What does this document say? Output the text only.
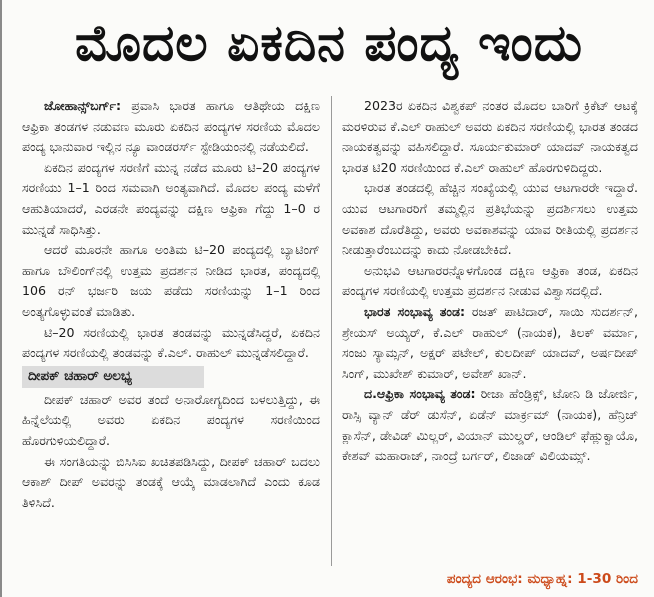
ಮೊದಲ ಏಕದಿನ ಪಂದ್ಯ ಇಂದು

ಜೋಹಾನ್ಸ್‌ಬರ್ಗ್‌: ಪ್ರವಾಸಿ ಭಾರತ ಹಾಗೂ ಆತಿಥೇಯ ದಕ್ಷಿಣ ಆಫ್ರಿಕಾ ತಂಡಗಳ ನಡುವಣ ಮೂರು ಏಕದಿನ ಪಂದ್ಯಗಳ ಸರಣಿಯ ಮೊದಲ ಪಂದ್ಯ ಭಾನುವಾರ ಇಲ್ಲಿನ ನ್ಯೂ ವಾಂಡರರ್ಸ್ ಸ್ಟೇಡಿಯಂನಲ್ಲಿ ನಡೆಯಲಿದೆ.

ಏಕದಿನ ಪಂದ್ಯಗಳ ಸರಣಿಗೆ ಮುನ್ನ ನಡೆದ ಮೂರು ಟಿ–20 ಪಂದ್ಯಗಳ ಸರಣಿಯು 1–1 ರಿಂದ ಸಮವಾಗಿ ಅಂತ್ಯವಾಗಿದೆ. ಮೊದಲ ಪಂದ್ಯ ಮಳೆಗೆ ಆಹುತಿಯಾದರೆ, ಎರಡನೇ ಪಂದ್ಯವನ್ನು ದಕ್ಷಿಣ ಆಫ್ರಿಕಾ ಗೆದ್ದು 1–0 ರ ಮುನ್ನಡೆ ಸಾಧಿಸಿತ್ತು.

ಆದರೆ ಮೂರನೇ ಹಾಗೂ ಅಂತಿಮ ಟಿ–20 ಪಂದ್ಯದಲ್ಲಿ ಬ್ಯಾಟಿಂಗ್ ಹಾಗೂ ಬೌಲಿಂಗ್‌ನಲ್ಲಿ ಉತ್ತಮ ಪ್ರದರ್ಶನ ನೀಡಿದ ಭಾರತ, ಪಂದ್ಯದಲ್ಲಿ 106 ರನ್ ಭರ್ಜರಿ ಜಯ ಪಡೆದು ಸರಣಿಯನ್ನು 1–1 ರಿಂದ ಅಂತ್ಯಗೊಳ್ಳುವಂತೆ ಮಾಡಿತು.

ಟಿ–20 ಸರಣಿಯಲ್ಲಿ ಭಾರತ ತಂಡವನ್ನು ಮುನ್ನಡೆಸಿದ್ದರೆ, ಏಕದಿನ ಪಂದ್ಯಗಳ ಸರಣಿಯಲ್ಲಿ ತಂಡವನ್ನು ಕೆ.ಎಲ್. ರಾಹುಲ್ ಮುನ್ನಡೆಸಲಿದ್ದಾರೆ.

ದೀಪಕ್ ಚಹಾರ್ ಅಲಭ್ಯ

ದೀಪಕ್ ಚಹಾರ್ ಅವರ ತಂದೆ ಅನಾರೋಗ್ಯದಿಂದ ಬಳಲುತ್ತಿದ್ದು, ಈ ಹಿನ್ನೆಲೆಯಲ್ಲಿ ಅವರು ಏಕದಿನ ಪಂದ್ಯಗಳ ಸರಣಿಯಿಂದ ಹೊರಗುಳಿಯಲಿದ್ದಾರೆ.

ಈ ಸಂಗತಿಯನ್ನು ಬಿಸಿಸಿಐ ಖಚಿತಪಡಿಸಿದ್ದು, ದೀಪಕ್ ಚಹಾರ್ ಬದಲು ಆಕಾಶ್ ದೀಪ್ ಅವರನ್ನು ತಂಡಕ್ಕೆ ಆಯ್ಕೆ ಮಾಡಲಾಗಿದೆ ಎಂದು ಕೂಡ ತಿಳಿಸಿದೆ.

2023ರ ಏಕದಿನ ವಿಶ್ವಕಪ್ ನಂತರ ಮೊದಲ ಬಾರಿಗೆ ಕ್ರಿಕೆಟ್ ಆಟಕ್ಕೆ ಮರಳಿರುವ ಕೆ.ಎಲ್ ರಾಹುಲ್ ಅವರು ಏಕದಿನ ಸರಣಿಯಲ್ಲಿ ಭಾರತ ತಂಡದ ನಾಯಕತ್ವವನ್ನು ವಹಿಸಲಿದ್ದಾರೆ. ಸೂರ್ಯಕುಮಾರ್ ಯಾದವ್ ನಾಯಕತ್ವದ ಭಾರತ ಟಿ20 ಸರಣಿಯಿಂದ ಕೆ.ಎಲ್ ರಾಹುಲ್ ಹೊರಗುಳಿದಿದ್ದರು.

ಭಾರತ ತಂಡದಲ್ಲಿ ಹೆಚ್ಚಿನ ಸಂಖ್ಯೆಯಲ್ಲಿ ಯುವ ಆಟಗಾರರೇ ಇದ್ದಾರೆ. ಯುವ ಆಟಗಾರರಿಗೆ ತಮ್ಮಲ್ಲಿನ ಪ್ರತಿಭೆಯನ್ನು ಪ್ರದರ್ಶಿಸಲು ಉತ್ತಮ ಅವಕಾಶ ದೊರೆತಿದ್ದು, ಅವರು ಅವಕಾಶವನ್ನು ಯಾವ ರೀತಿಯಲ್ಲಿ ಪ್ರದರ್ಶನ ನೀಡುತ್ತಾರೆಂಬುದನ್ನು ಕಾದು ನೋಡಬೇಕಿದೆ.

ಅನುಭವಿ ಆಟಗಾರರನ್ನೊಳಗೊಂಡ ದಕ್ಷಿಣ ಆಫ್ರಿಕಾ ತಂಡ, ಏಕದಿನ ಪಂದ್ಯಗಳ ಸರಣಿಯಲ್ಲಿ ಉತ್ತಮ ಪ್ರದರ್ಶನ ನೀಡುವ ವಿಶ್ವಾಸದಲ್ಲಿದೆ.

ಭಾರತ ಸಂಭಾವ್ಯ ತಂಡ: ರಜತ್ ಪಾಟಿದಾರ್, ಸಾಯಿ ಸುದರ್ಶನ್, ಶ್ರೇಯಸ್ ಅಯ್ಯರ್, ಕೆ.ಎಲ್ ರಾಹುಲ್ (ನಾಯಕ), ತಿಲಕ್ ವರ್ಮಾ, ಸಂಜು ಸ್ಯಾಮ್ಸನ್, ಅಕ್ಷರ್ ಪಟೇಲ್, ಕುಲದೀಪ್ ಯಾದವ್, ಅರ್ಷದೀಪ್ ಸಿಂಗ್, ಮುಖೇಶ್ ಕುಮಾರ್, ಅವೇಶ್ ಖಾನ್.

ದ.ಆಫ್ರಿಕಾ ಸಂಭಾವ್ಯ ತಂಡ: ರೀಜಾ ಹೆಂಡ್ರಿಕ್ಸ್, ಟೋನಿ ಡಿ ಜೋರ್ಜಿ, ರಾಸ್ಸಿ ವ್ಯಾನ್ ಡೆರ್ ಡುಸೆನ್, ಏಡೆನ್ ಮಾರ್ಕ್ರಮ್ (ನಾಯಕ), ಹೆನ್ರಿಚ್ ಕ್ಲಾಸೆನ್, ಡೇವಿಡ್ ಮಿಲ್ಲರ್, ವಿಯಾನ್ ಮುಲ್ಡರ್, ಆಂಡಿಲ್ ಫೆಹ್ಲುಕ್ವಾಯೊ, ಕೇಶವ್ ಮಹಾರಾಜ್, ನಾಂದ್ರೆ ಬರ್ಗರ್, ಲಿಜಾಡ್ ವಿಲಿಯಮ್ಸ್.

ಪಂದ್ಯದ ಆರಂಭ: ಮಧ್ಯಾಹ್ನ: 1-30 ರಿಂದ
